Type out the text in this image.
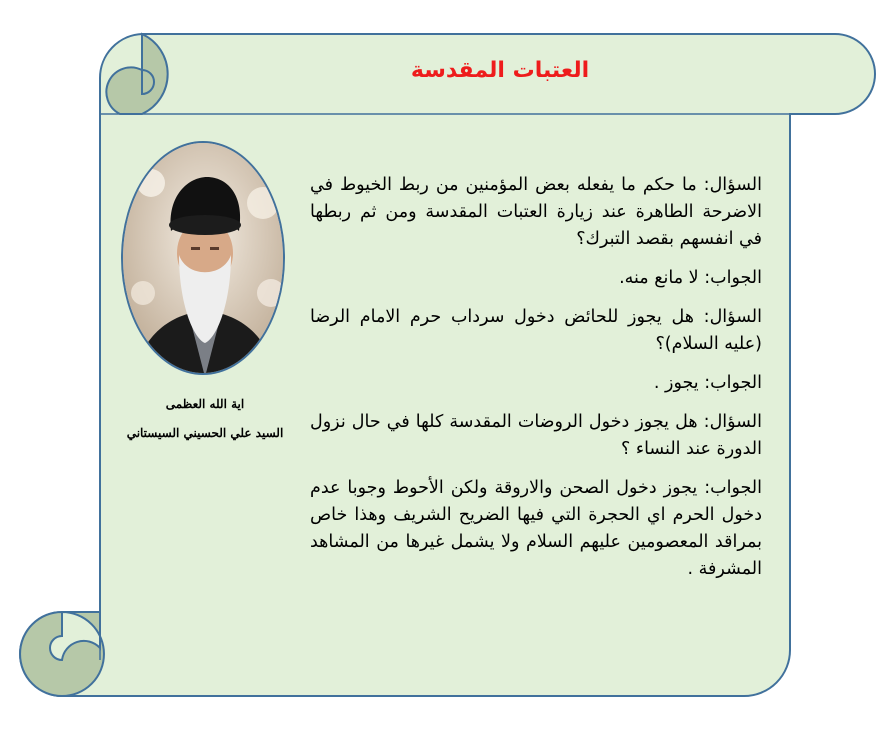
العتبات المقدسة
اية الله العظمى
السيد علي الحسيني السيستاني

السؤال: ما حكم ما يفعله بعض المؤمنين من ربط الخيوط في الاضرحة الطاهرة عند زيارة العتبات المقدسة ومن ثم ربطها في انفسهم بقصد التبرك؟

الجواب: لا مانع منه.

السؤال: هل يجوز للحائض دخول سرداب حرم الامام الرضا (عليه السلام)؟

الجواب: يجوز .

السؤال: هل يجوز دخول الروضات المقدسة كلها في حال نزول الدورة عند النساء ؟

الجواب: يجوز دخول الصحن والاروقة ولكن الأحوط وجوبا عدم دخول الحرم اي الحجرة التي فيها الضريح الشريف وهذا خاص بمراقد المعصومين عليهم السلام ولا يشمل غيرها من المشاهد المشرفة .
